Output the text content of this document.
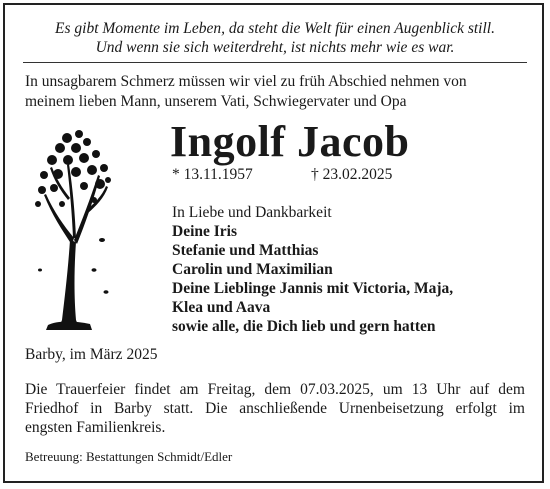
Es gibt Momente im Leben, da steht die Welt für einen Augenblick still.
Und wenn sie sich weiterdreht, ist nichts mehr wie es war.
In unsagbarem Schmerz müssen wir viel zu früh Abschied nehmen von
meinem lieben Mann, unserem Vati, Schwiegervater und Opa
Ingolf Jacob
* 13.11.1957	† 23.02.2025
In Liebe und Dankbarkeit
Deine Iris
Stefanie und Matthias
Carolin und Maximilian
Deine Lieblinge Jannis mit Victoria, Maja,
Klea und Aava
sowie alle, die Dich lieb und gern hatten
Barby, im März 2025
Die Trauerfeier findet am Freitag, dem 07.03.2025, um 13 Uhr auf dem
Friedhof in Barby statt. Die anschließende Urnenbeisetzung erfolgt im
engsten Familienkreis.
Betreuung: Bestattungen Schmidt/Edler
